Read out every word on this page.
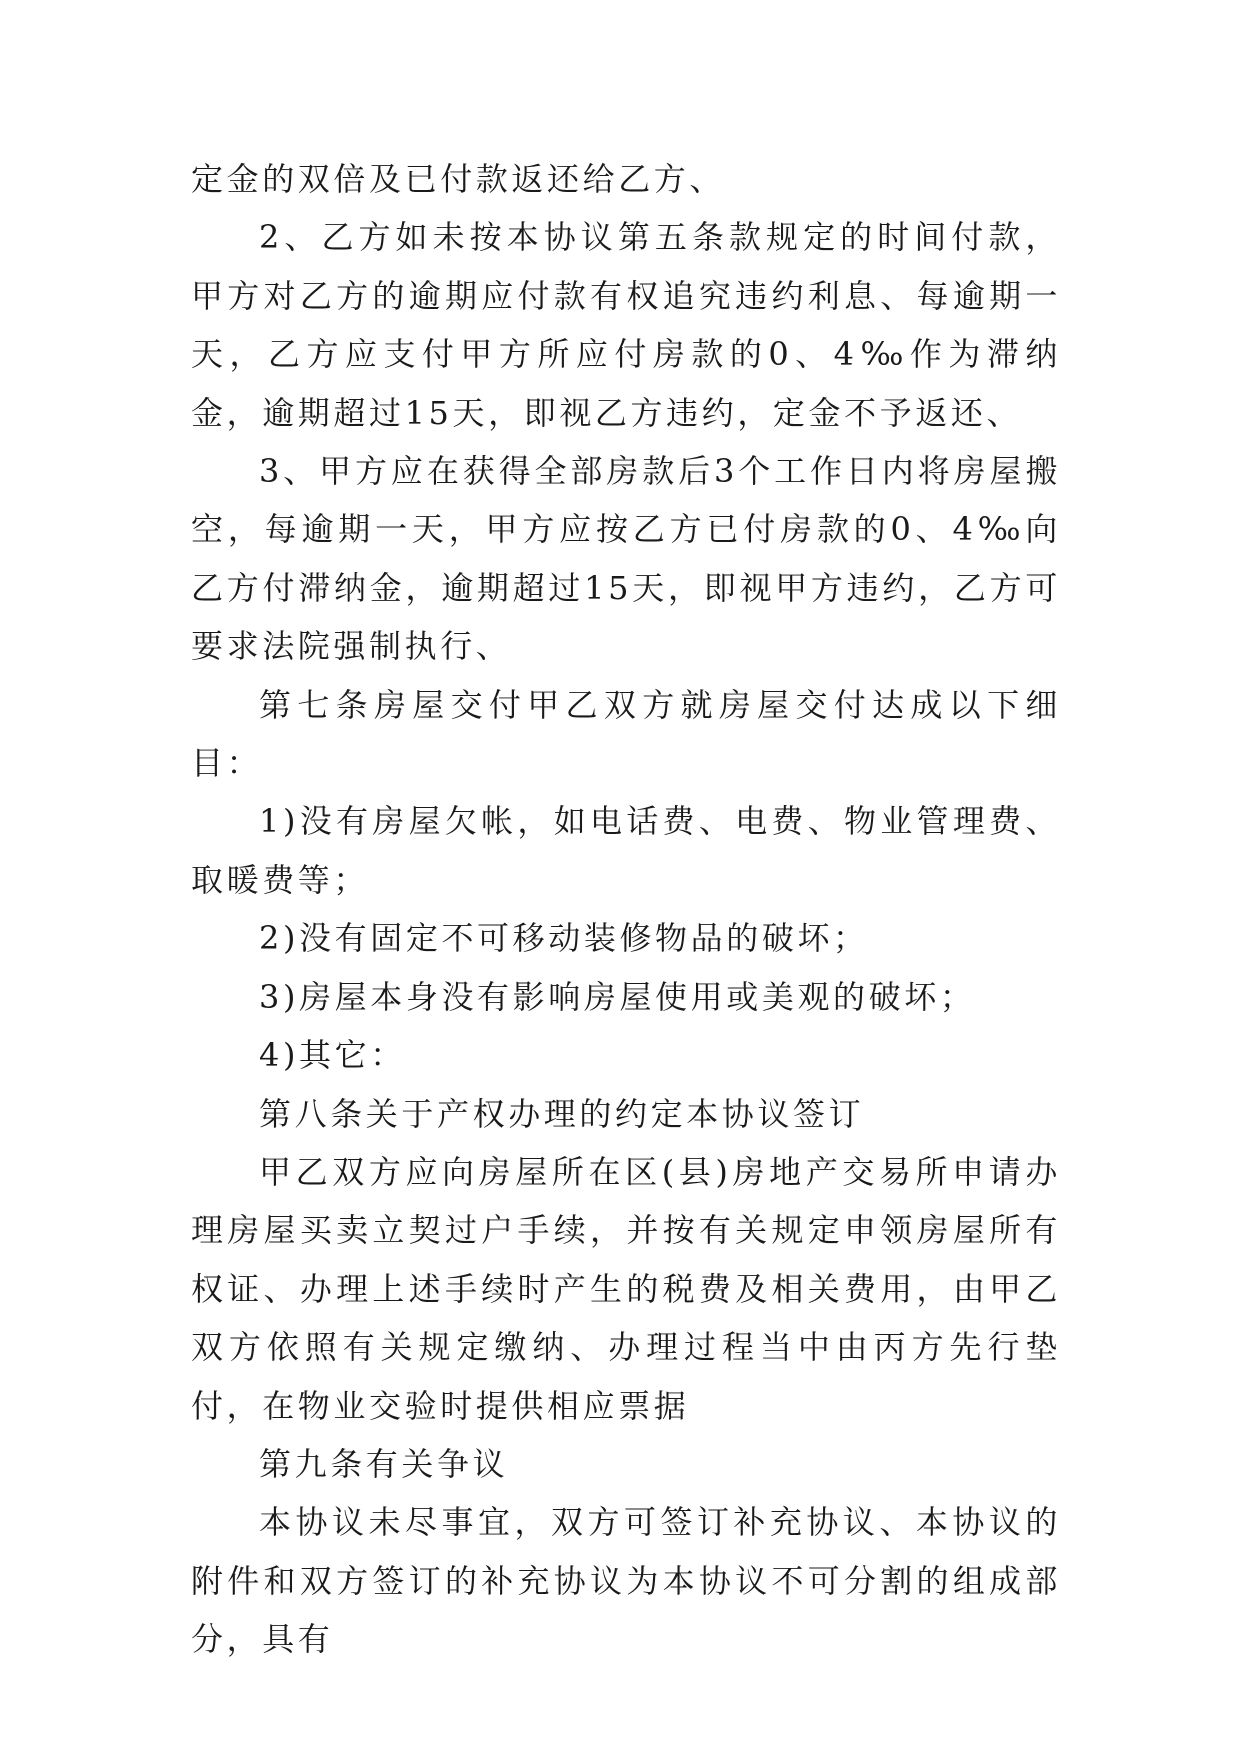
定金的双倍及已付款返还给乙方、

2、乙方如未按本协议第五条款规定的时间付款，甲方对乙方的逾期应付款有权追究违约利息、每逾期一天，乙方应支付甲方所应付房款的0、4‰作为滞纳金，逾期超过15天，即视乙方违约，定金不予返还、

3、甲方应在获得全部房款后3个工作日内将房屋搬空，每逾期一天，甲方应按乙方已付房款的0、4‰向乙方付滞纳金，逾期超过15天，即视甲方违约，乙方可要求法院强制执行、

第七条房屋交付甲乙双方就房屋交付达成以下细目：

1)没有房屋欠帐，如电话费、电费、物业管理费、取暖费等；

2)没有固定不可移动装修物品的破坏；

3)房屋本身没有影响房屋使用或美观的破坏；

4)其它：

第八条关于产权办理的约定本协议签订

甲乙双方应向房屋所在区(县)房地产交易所申请办理房屋买卖立契过户手续，并按有关规定申领房屋所有权证、办理上述手续时产生的税费及相关费用，由甲乙双方依照有关规定缴纳、办理过程当中由丙方先行垫付，在物业交验时提供相应票据

第九条有关争议

本协议未尽事宜，双方可签订补充协议、本协议的附件和双方签订的补充协议为本协议不可分割的组成部分，具有
